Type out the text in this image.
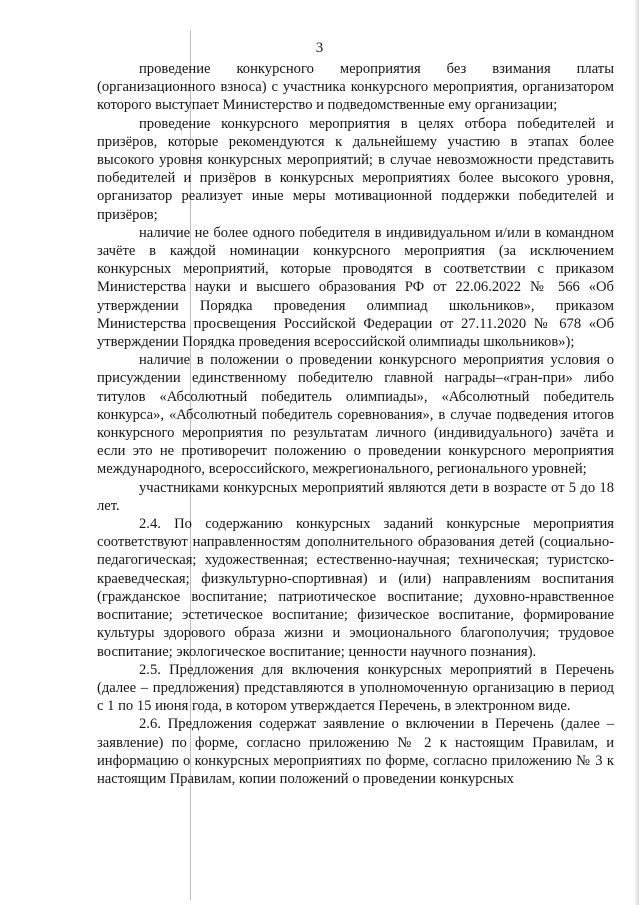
3

проведение конкурсного мероприятия без взимания платы (организационного взноса) с участника конкурсного мероприятия, организатором которого выступает Министерство и подведомственные ему организации;

проведение конкурсного мероприятия в целях отбора победителей и призёров, которые рекомендуются к дальнейшему участию в этапах более высокого уровня конкурсных мероприятий; в случае невозможности представить победителей и призёров в конкурсных мероприятиях более высокого уровня, организатор реализует иные меры мотивационной поддержки победителей и призёров;

наличие не более одного победителя в индивидуальном и/или в командном зачёте в каждой номинации конкурсного мероприятия (за исключением конкурсных мероприятий, которые проводятся в соответствии с приказом Министерства науки и высшего образования РФ от 22.06.2022 № 566 «Об утверждении Порядка проведения олимпиад школьников», приказом Министерства просвещения Российской Федерации от 27.11.2020 № 678 «Об утверждении Порядка проведения всероссийской олимпиады школьников»);

наличие в положении о проведении конкурсного мероприятия условия о присуждении единственному победителю главной награды–«гран-при» либо титулов «Абсолютный победитель олимпиады», «Абсолютный победитель конкурса», «Абсолютный победитель соревнования», в случае подведения итогов конкурсного мероприятия по результатам личного (индивидуального) зачёта и если это не противоречит положению о проведении конкурсного мероприятия международного, всероссийского, межрегионального, регионального уровней;

участниками конкурсных мероприятий являются дети в возрасте от 5 до 18 лет.

2.4. По содержанию конкурсных заданий конкурсные мероприятия соответствуют направленностям дополнительного образования детей (социально-педагогическая; художественная; естественно-научная; техническая; туристско-краеведческая; физкультурно-спортивная) и (или) направлениям воспитания (гражданское воспитание; патриотическое воспитание; духовно-нравственное воспитание; эстетическое воспитание; физическое воспитание, формирование культуры здорового образа жизни и эмоционального благополучия; трудовое воспитание; экологическое воспитание; ценности научного познания).

2.5. Предложения для включения конкурсных мероприятий в Перечень (далее – предложения) представляются в уполномоченную организацию в период с 1 по 15 июня года, в котором утверждается Перечень, в электронном виде.

2.6. Предложения содержат заявление о включении в Перечень (далее – заявление) по форме, согласно приложению № 2 к настоящим Правилам, и информацию о конкурсных мероприятиях по форме, согласно приложению № 3 к настоящим Правилам, копии положений о проведении конкурсных
